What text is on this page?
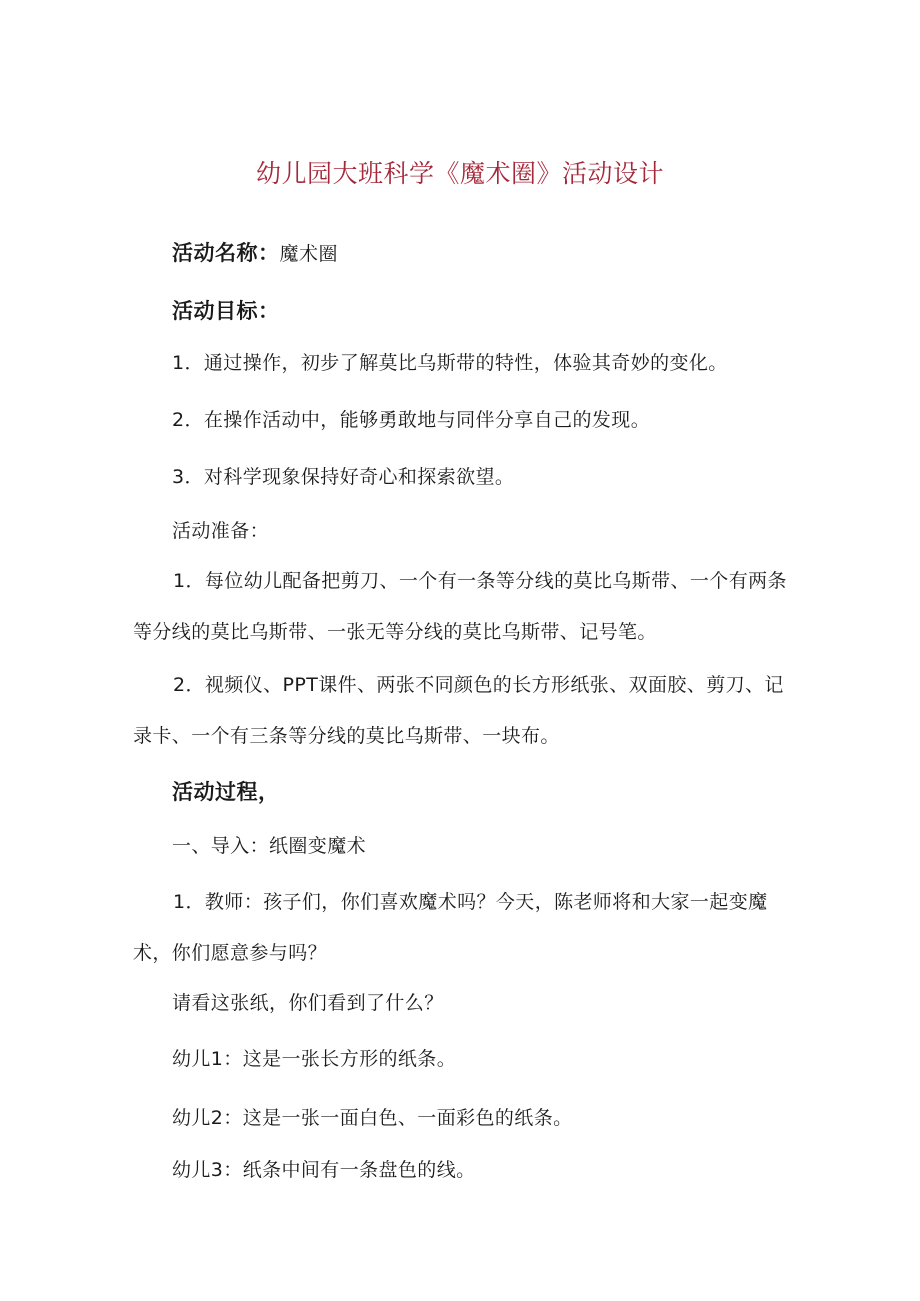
幼儿园大班科学《魔术圈》活动设计
活动名称：魔术圈
活动目标：
1．通过操作，初步了解莫比乌斯带的特性，体验其奇妙的变化。
2．在操作活动中，能够勇敢地与同伴分享自己的发现。
3．对科学现象保持好奇心和探索欲望。
活动准备：
1．每位幼儿配备把剪刀、一个有一条等分线的莫比乌斯带、一个有两条等分线的莫比乌斯带、一张无等分线的莫比乌斯带、记号笔。
2．视频仪、PPT课件、两张不同颜色的长方形纸张、双面胶、剪刀、记录卡、一个有三条等分线的莫比乌斯带、一块布。
活动过程，
一、导入：纸圈变魔术
1．教师：孩子们，你们喜欢魔术吗？今天，陈老师将和大家一起变魔术，你们愿意参与吗？
请看这张纸，你们看到了什么？
幼儿1：这是一张长方形的纸条。
幼儿2：这是一张一面白色、一面彩色的纸条。
幼儿3：纸条中间有一条盘色的线。
